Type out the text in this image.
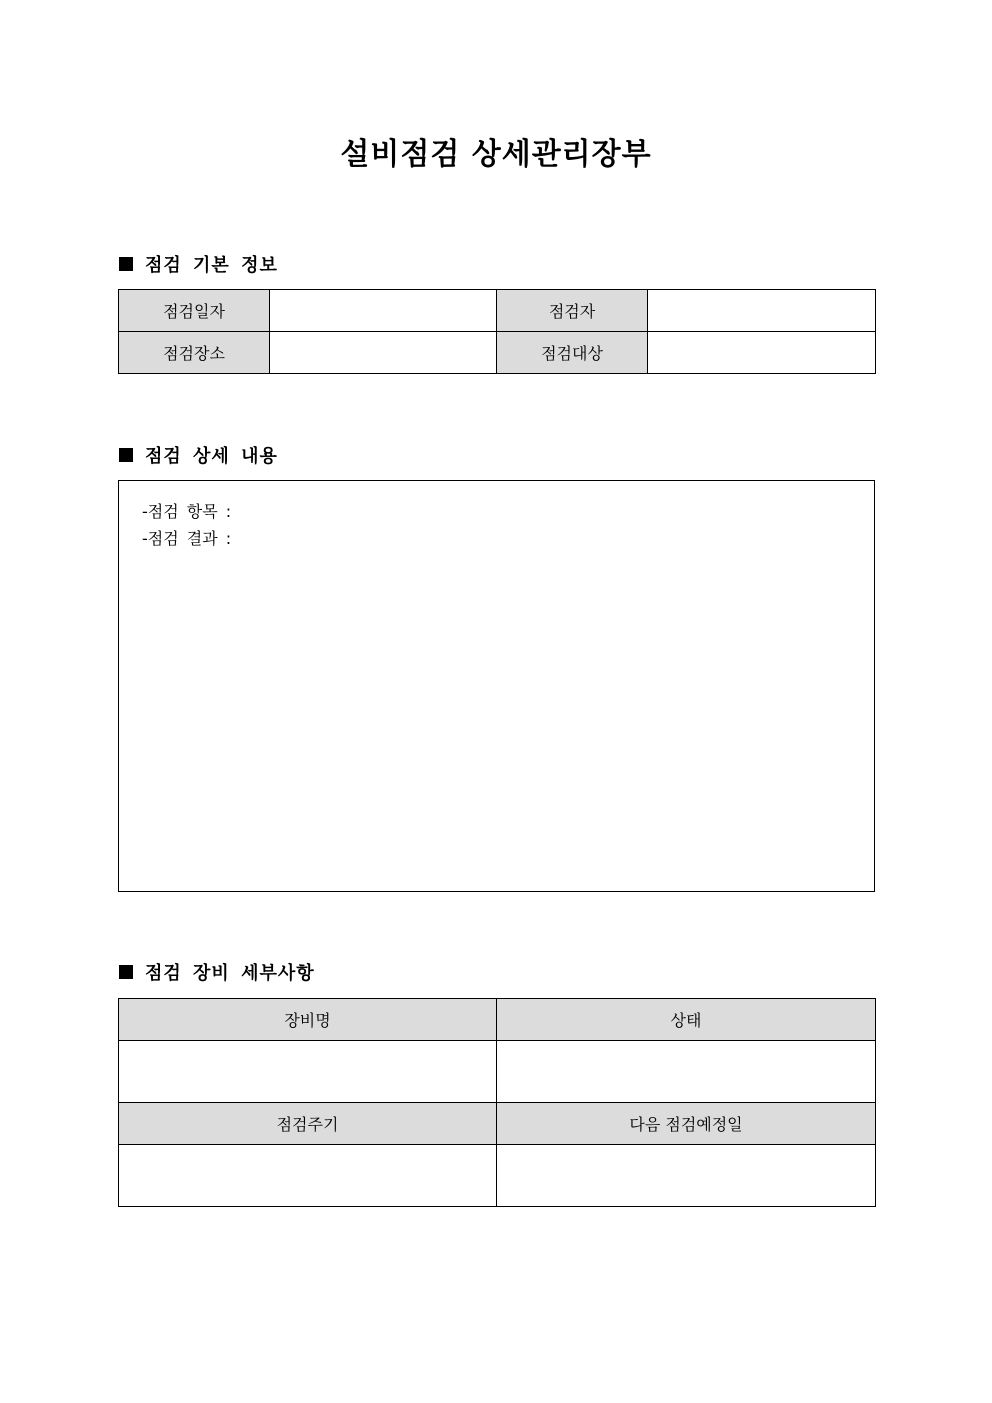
설비점검 상세관리장부
점검 기본 정보
점검일자		점검자	
점검장소		점검대상	
점검 상세 내용
-점검 항목 :
-점검 결과 :
점검 장비 세부사항
장비명	상태

점검주기	다음 점검예정일
